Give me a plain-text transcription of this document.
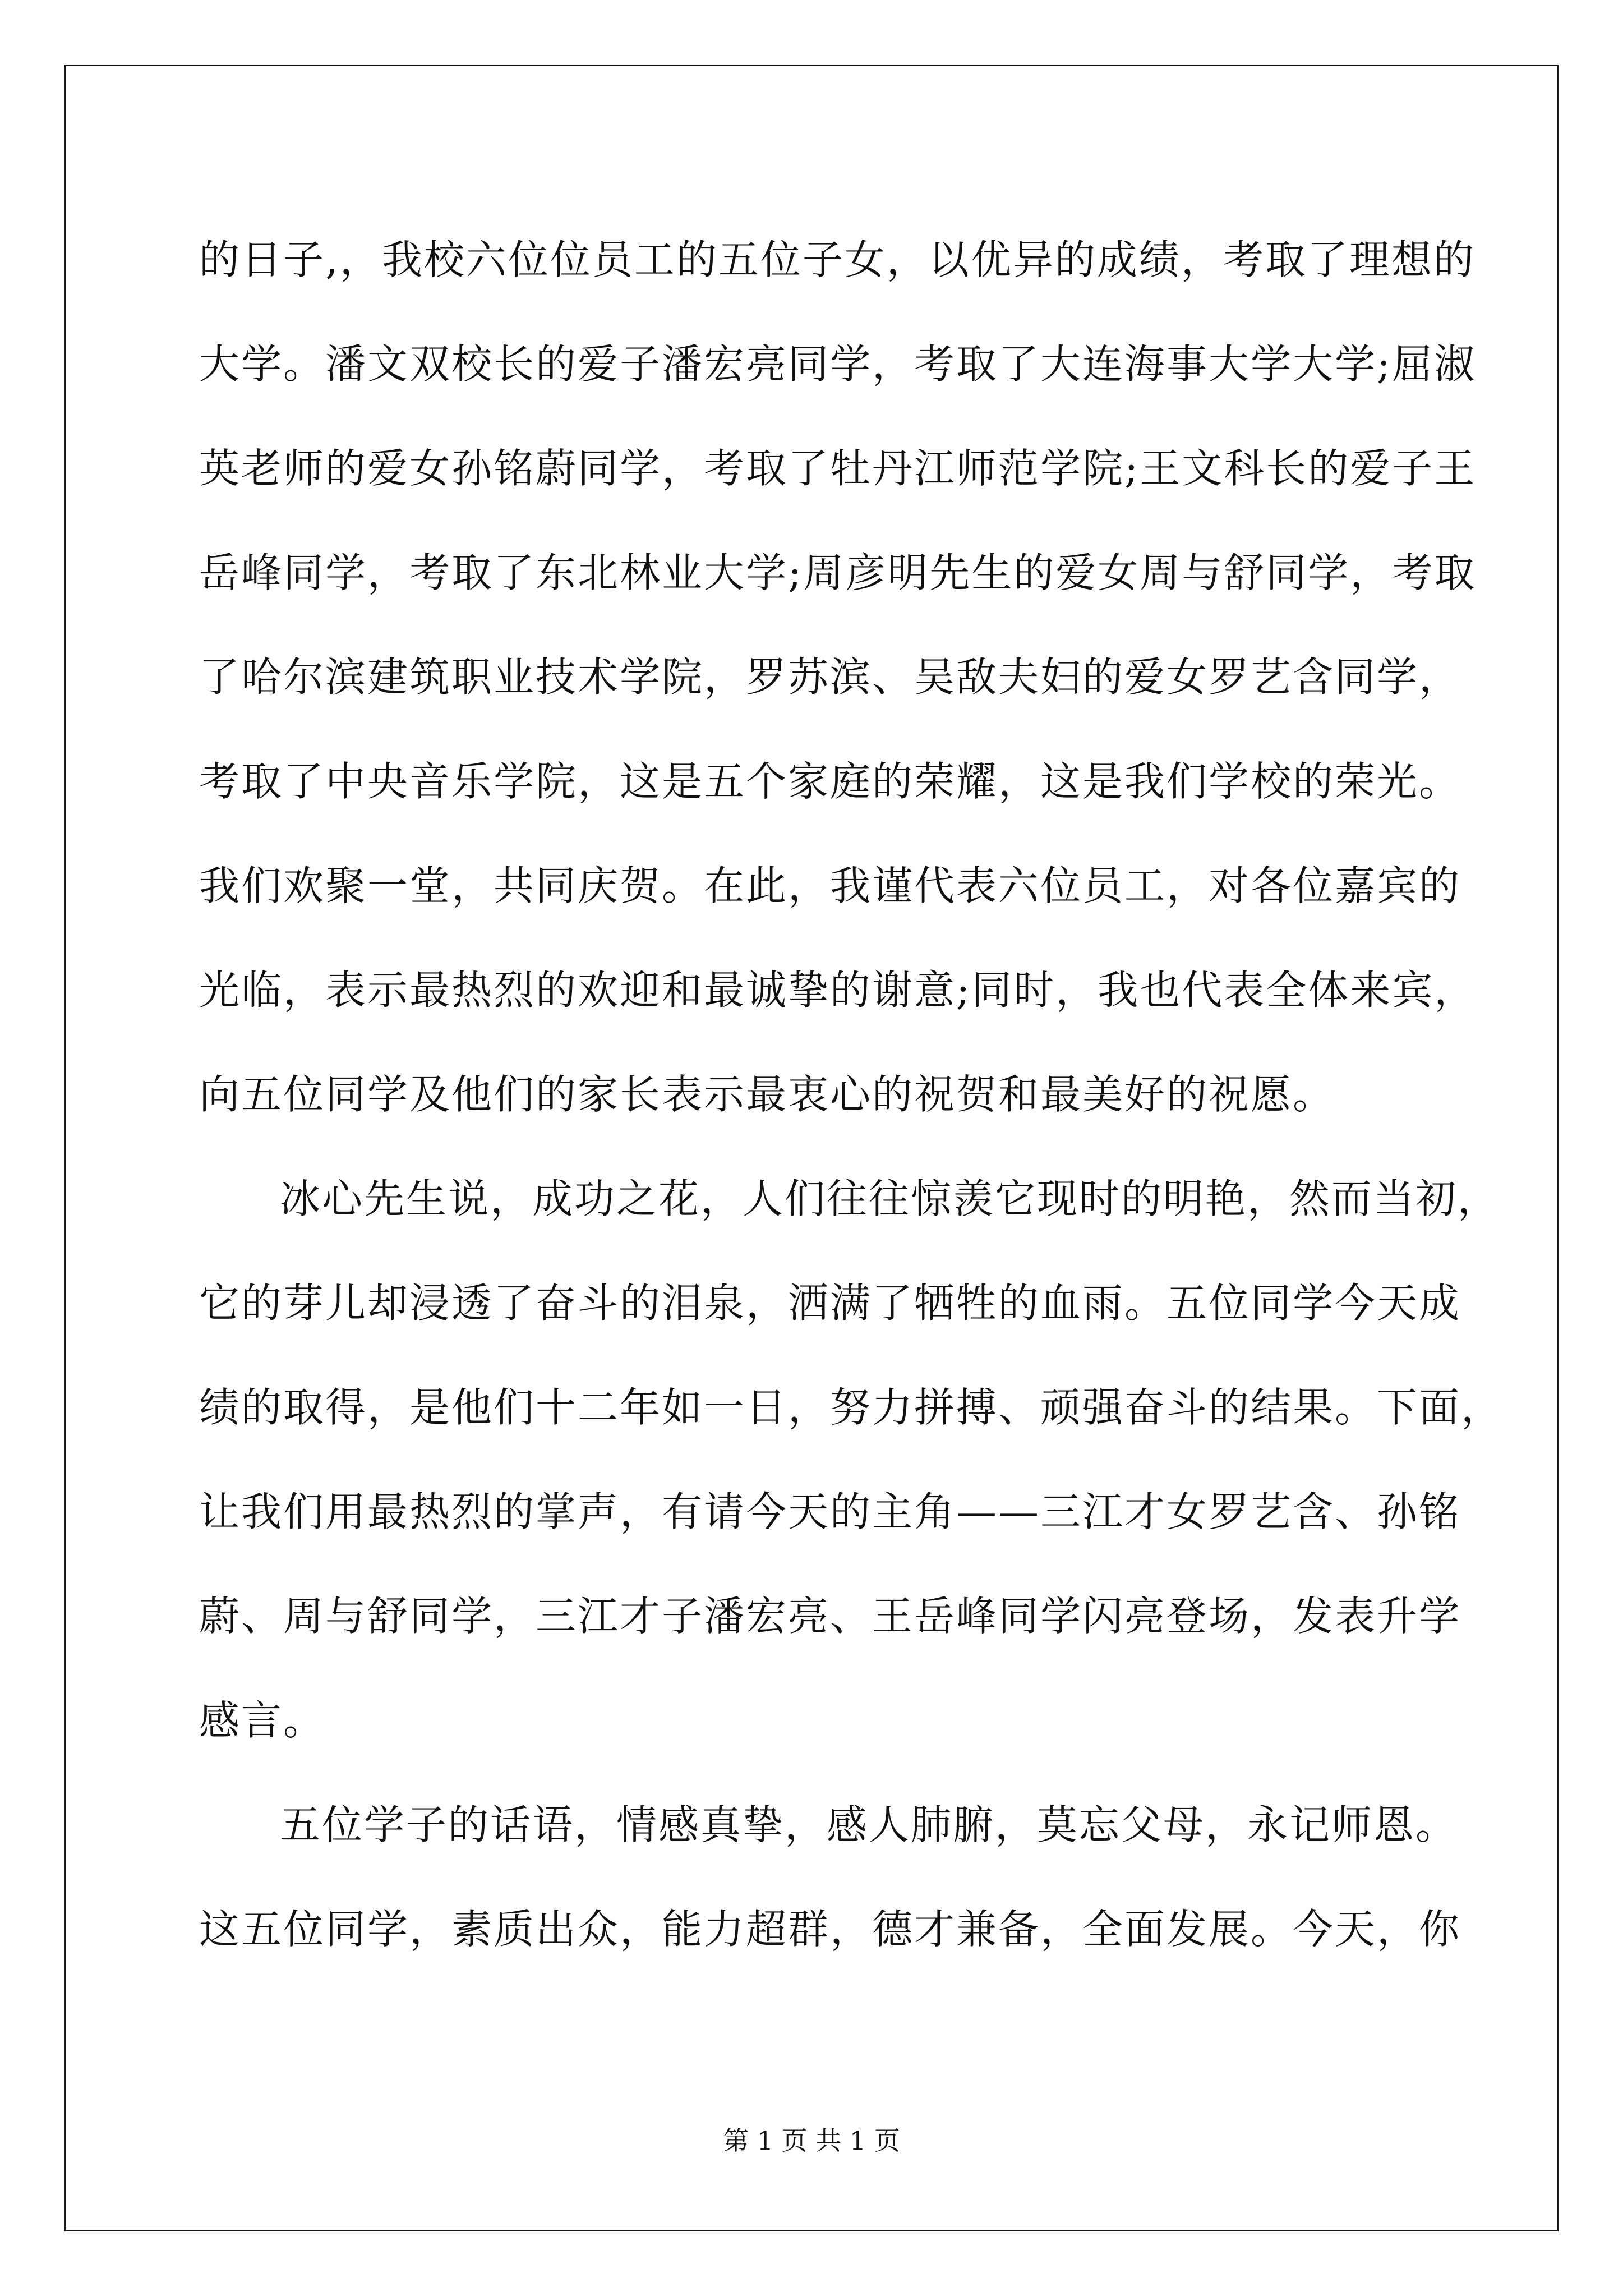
的日子,，我校六位位员工的五位子女，以优异的成绩，考取了理想的
大学。潘文双校长的爱子潘宏亮同学，考取了大连海事大学大学;屈淑
英老师的爱女孙铭蔚同学，考取了牡丹江师范学院;王文科长的爱子王
岳峰同学，考取了东北林业大学;周彦明先生的爱女周与舒同学，考取
了哈尔滨建筑职业技术学院，罗苏滨、吴敌夫妇的爱女罗艺含同学，
考取了中央音乐学院，这是五个家庭的荣耀，这是我们学校的荣光。
我们欢聚一堂，共同庆贺。在此，我谨代表六位员工，对各位嘉宾的
光临，表示最热烈的欢迎和最诚挚的谢意;同时，我也代表全体来宾，
向五位同学及他们的家长表示最衷心的祝贺和最美好的祝愿。
冰心先生说，成功之花，人们往往惊羡它现时的明艳，然而当初，
它的芽儿却浸透了奋斗的泪泉，洒满了牺牲的血雨。五位同学今天成
绩的取得，是他们十二年如一日，努力拼搏、顽强奋斗的结果。下面，
让我们用最热烈的掌声，有请今天的主角——三江才女罗艺含、孙铭
蔚、周与舒同学，三江才子潘宏亮、王岳峰同学闪亮登场，发表升学
感言。
五位学子的话语，情感真挚，感人肺腑，莫忘父母，永记师恩。
这五位同学，素质出众，能力超群，德才兼备，全面发展。今天，你
第 1 页 共 1 页
